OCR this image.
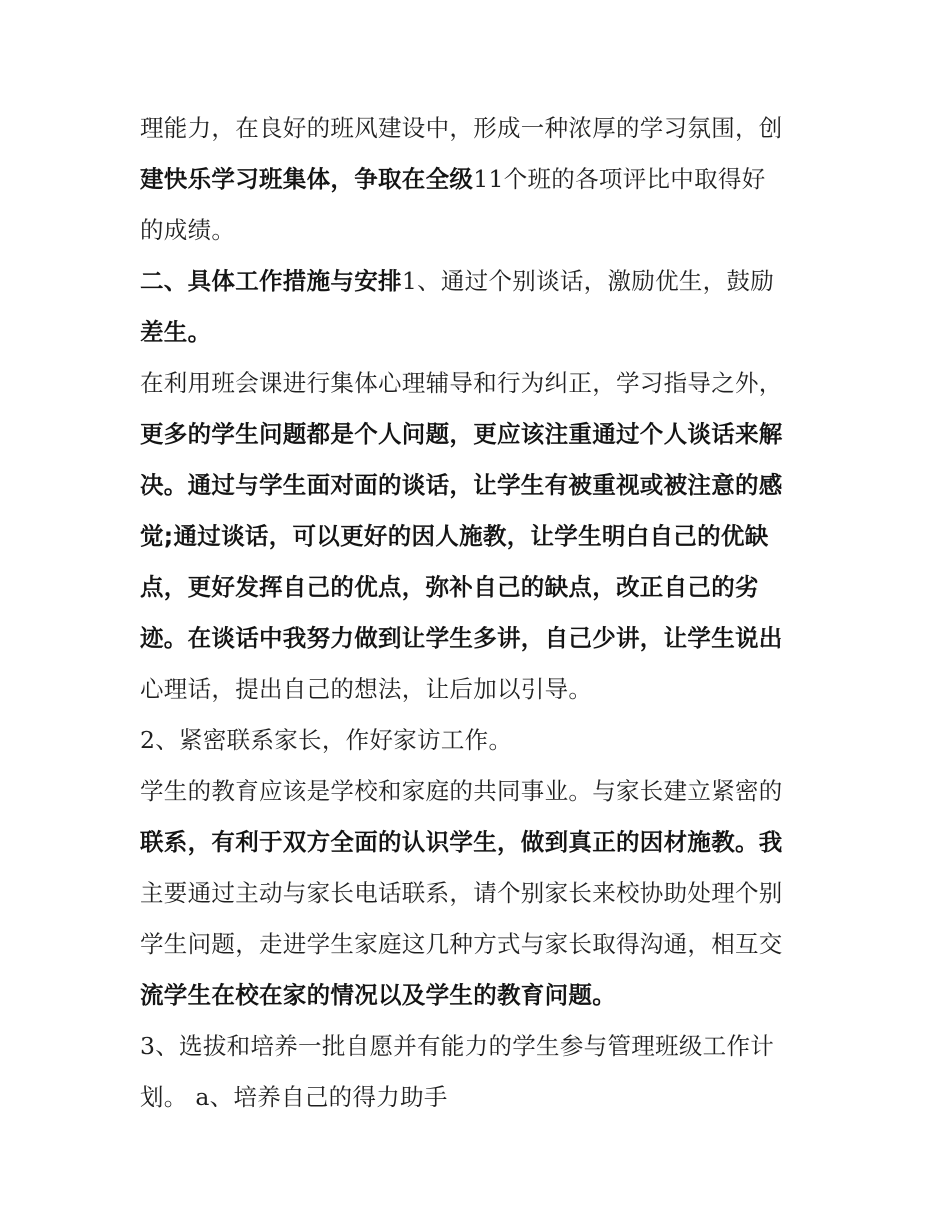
理能力，在良好的班风建设中，形成一种浓厚的学习氛围，创
建快乐学习班集体，争取在全级11个班的各项评比中取得好
的成绩。
二、具体工作措施与安排1、通过个别谈话，激励优生，鼓励
差生。
在利用班会课进行集体心理辅导和行为纠正，学习指导之外，
更多的学生问题都是个人问题，更应该注重通过个人谈话来解
决。通过与学生面对面的谈话，让学生有被重视或被注意的感
觉;通过谈话，可以更好的因人施教，让学生明白自己的优缺
点，更好发挥自己的优点，弥补自己的缺点，改正自己的劣
迹。在谈话中我努力做到让学生多讲，自己少讲，让学生说出
心理话，提出自己的想法，让后加以引导。
2、紧密联系家长，作好家访工作。
学生的教育应该是学校和家庭的共同事业。与家长建立紧密的
联系，有利于双方全面的认识学生，做到真正的因材施教。我
主要通过主动与家长电话联系，请个别家长来校协助处理个别
学生问题，走进学生家庭这几种方式与家长取得沟通，相互交
流学生在校在家的情况以及学生的教育问题。
3、选拔和培养一批自愿并有能力的学生参与管理班级工作计
划。 a、培养自己的得力助手
